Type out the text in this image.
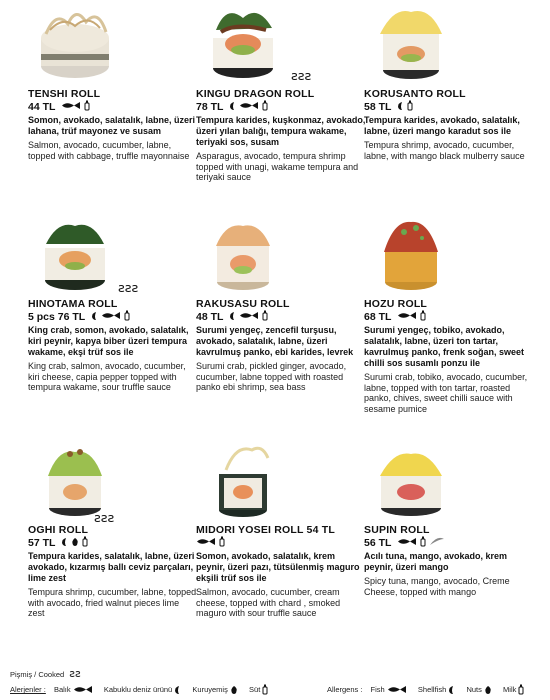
TENSHI ROLL
44 TL
Somon, avokado, salatalık, labne, üzeri lahana, trüf mayonez ve susam
Salmon, avocado, cucumber, labne, topped with cabbage, truffle mayonnaise
ꙅꙅꙅ
KINGU DRAGON ROLL
78 TL
Tempura karides, kuşkonmaz, avokado, üzeri yılan balığı, tempura wakame, teriyaki sos, susam
Asparagus, avocado, tempura shrimp topped with unagi, wakame tempura and teriyaki sauce
KORUSANTO ROLL
58 TL
Tempura karides, avokado, salatalık, labne, üzeri mango karadut sos ile
Tempura shrimp, avocado, cucumber, labne, with mango black mulberry sauce
ꙅꙅꙅ
HINOTAMA ROLL
5 pcs 76 TL
King crab, somon, avokado, salatalık, kiri peynir, kapya biber üzeri tempura wakame, ekşi trüf sos ile
King crab, salmon, avocado, cucumber, kiri cheese, capia pepper topped with tempura wakame, sour truffle sauce
RAKUSASU ROLL
48 TL
Surumi yengeç, zencefil turşusu, avokado, salatalık, labne, üzeri kavrulmuş panko, ebi karides, levrek
Surumi crab, pickled ginger, avocado, cucumber, labne topped with roasted panko ebi shrimp, sea bass
HOZU ROLL
68 TL
Surumi yengeç, tobiko, avokado, salatalık, labne, üzeri ton tartar, kavrulmuş panko, frenk soğan, sweet chilli sos susamlı ponzu ile
Surumi crab, tobiko, avocado, cucumber, labne, topped with ton tartar, roasted panko, chives, sweet chilli sauce with sesame pumice
ꙅꙅꙅ
OGHI ROLL
57 TL
Tempura karides, salatalık, labne, üzeri avokado, kızarmış ballı ceviz parçaları, lime zest
Tempura shrimp, cucumber, labne, topped with avocado, fried walnut pieces lime zest
MIDORI YOSEI ROLL 54 TL
Somon, avokado, salatalık, krem peynir, üzeri pazı, tütsülenmiş maguro ekşili trüf sos ile
Salmon, avocado, cucumber, cream cheese, topped with chard , smoked maguro with sour truffle sauce
SUPIN ROLL
56 TL
Acılı tuna, mango, avokado, krem peynir, üzeri mango
Spicy tuna, mango, avocado, Creme Cheese, topped with mango
Pişmiş / Cooked ꙅꙅ
Alerjenler : Balık	Kabuklu deniz ürünü	Kuruyemiş	Süt	Allergens : Fish	Shellfish	Nuts	Milk
